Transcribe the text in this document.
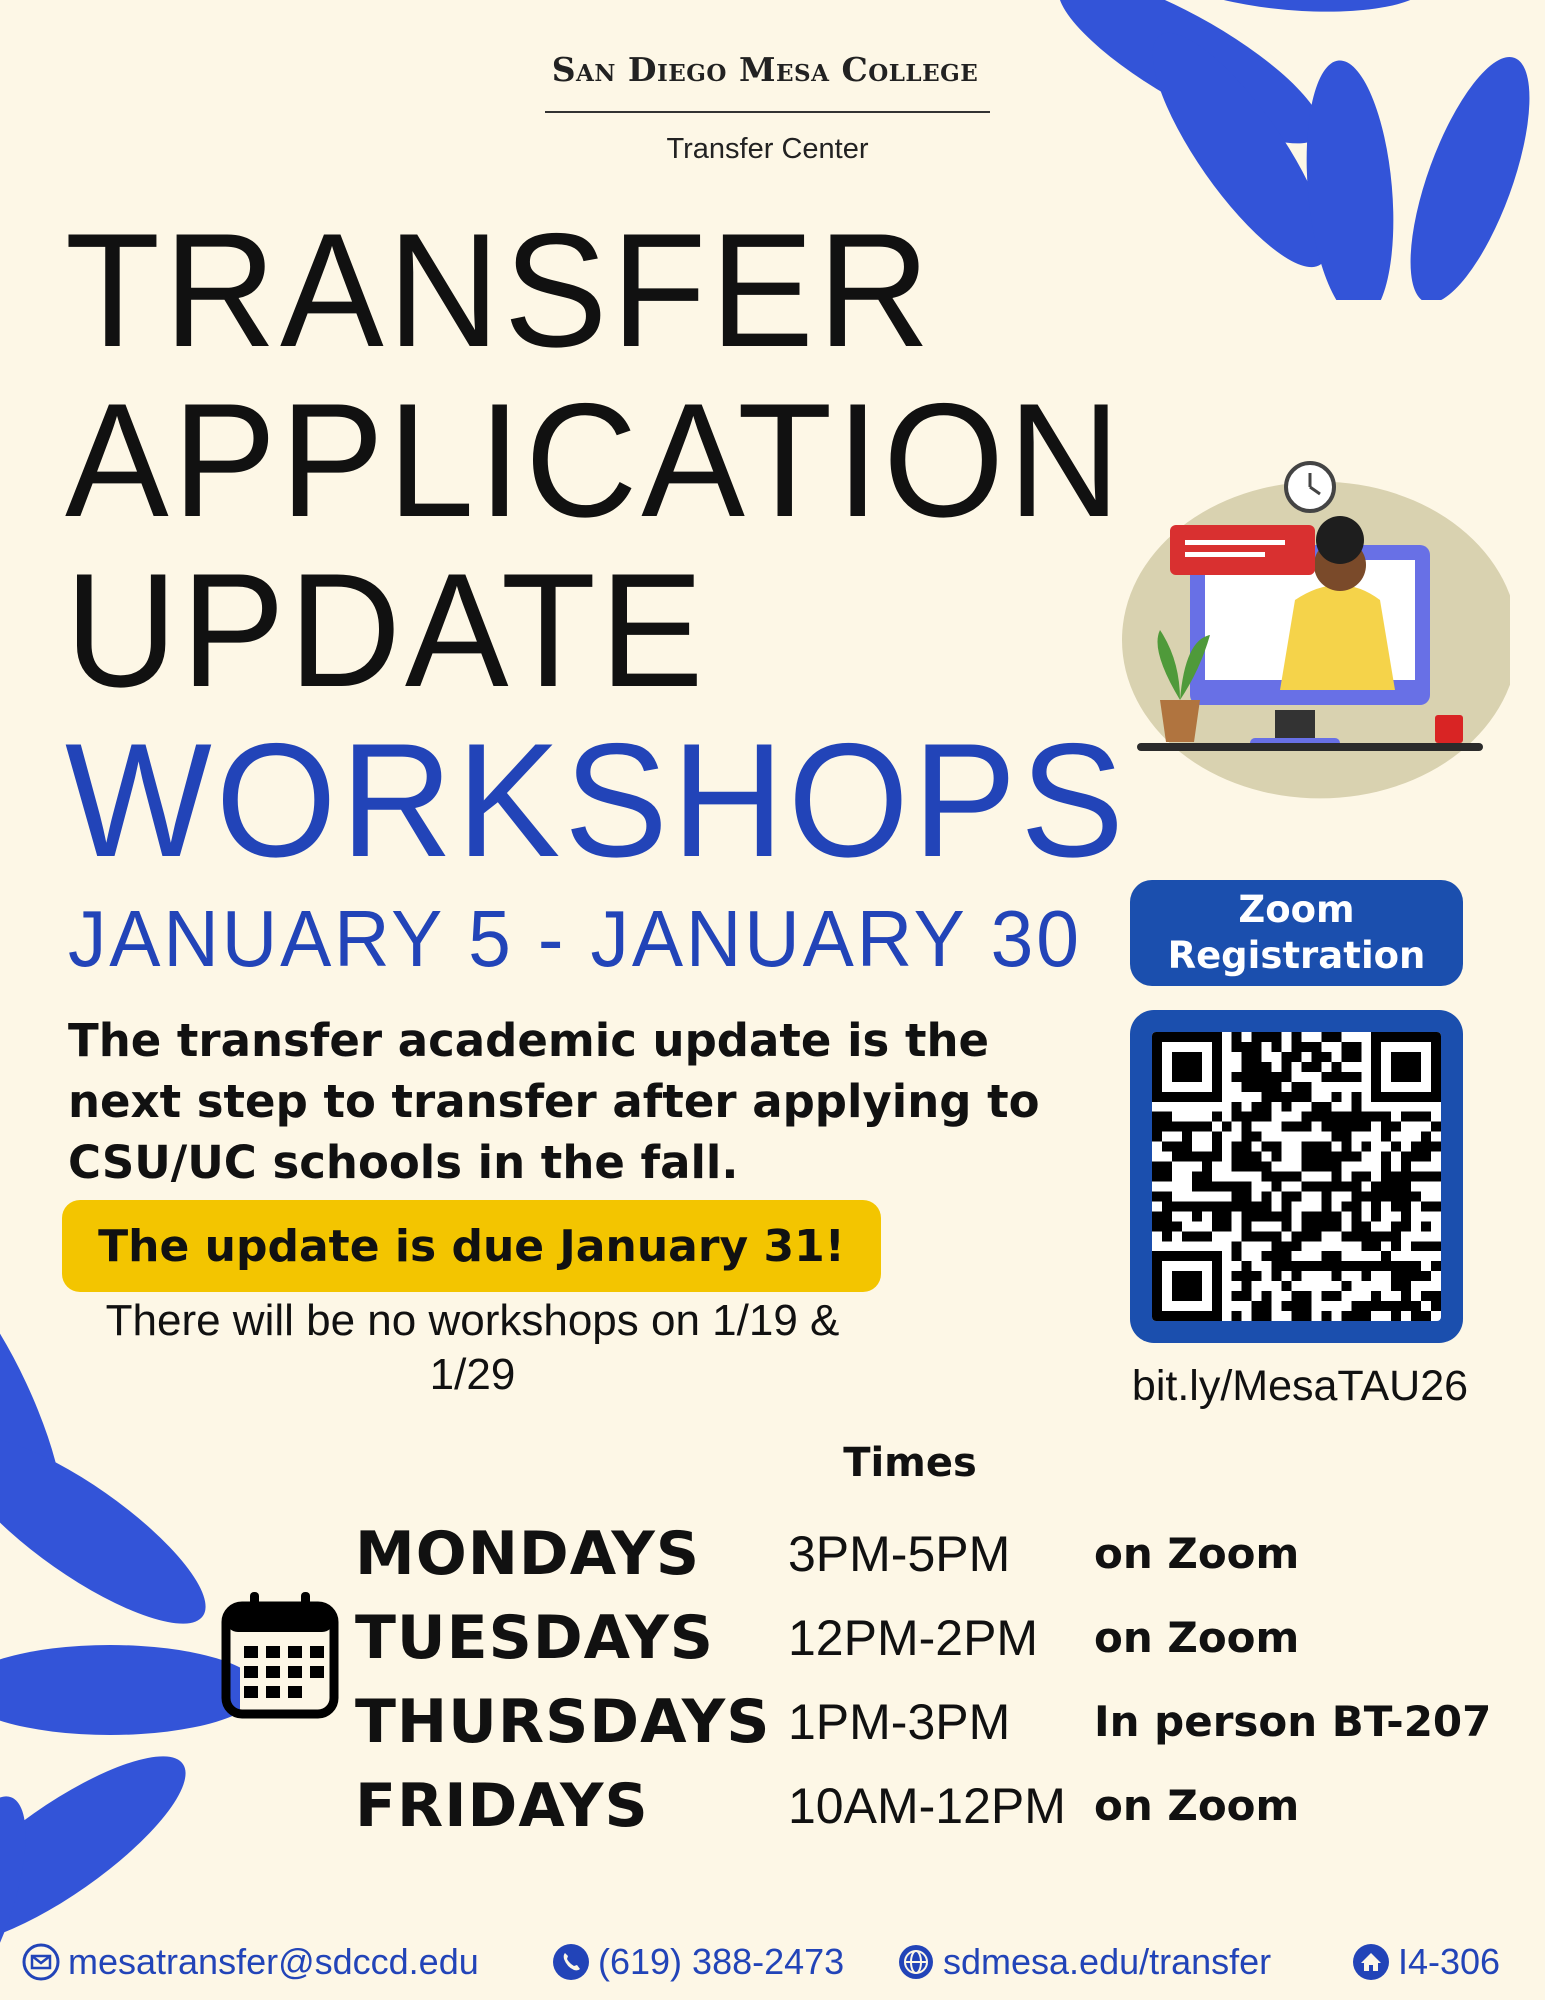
San Diego Mesa College
Transfer Center
TRANSFER
APPLICATION
UPDATE
WORKSHOPS
JANUARY 5 - JANUARY 30
The transfer academic update is the next step to transfer after applying to CSU/UC schools in the fall.
The update is due January 31!
There will be no workshops on 1/19 & 1/29
Zoom Registration
bit.ly/MesaTAU26
Times
MONDAYS 3PM-5PM on Zoom
TUESDAYS 12PM-2PM on Zoom
THURSDAYS 1PM-3PM In person BT-207
FRIDAYS	10AM-12PM on Zoom
mesatransfer@sdccd.edu	(619) 388-2473	sdmesa.edu/transfer	I4-306
